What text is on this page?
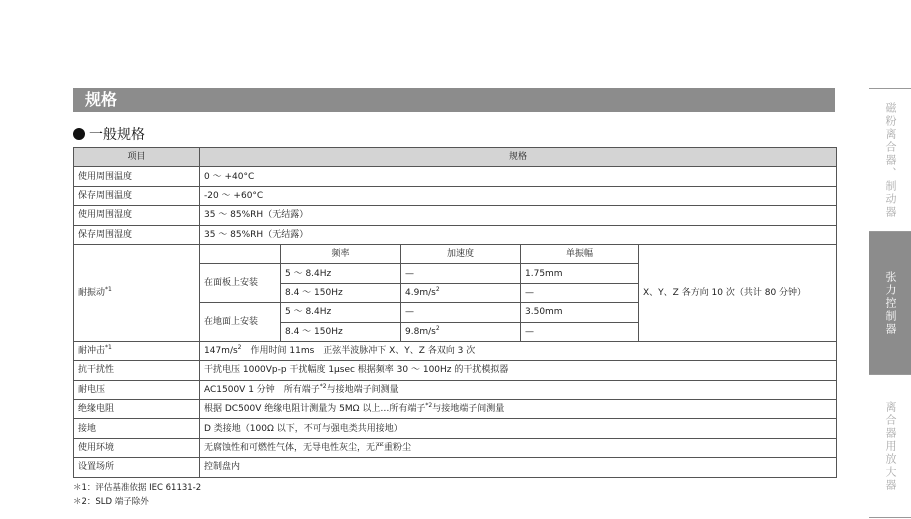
规格
一般规格
项目	规格				
使用周围温度	0 ～ +40°C				
保存周围温度	-20 ～ +60°C				
使用周围湿度	35 ～ 85%RH（无结露）				
保存周围湿度	35 ～ 85%RH（无结露）				
耐振动$^{*1}$		频率	加速度	单振幅	X、Y、Z 各方向 10 次（共计 80 分钟）
	在面板上安装	5 ～ 8.4Hz	—	1.75mm	
		8.4 ～ 150Hz	$4.9m/s^2$	—	
	在地面上安装	5 ～ 8.4Hz	—	3.50mm	
		8.4 ～ 150Hz	$9.8m/s^2$	—	
耐冲击$^{*1}$	$147m/s^2$　作用时间 11ms　正弦半波脉冲下 X、Y、Z 各双向 3 次				
抗干扰性	干扰电压 1000Vp-p 干扰幅度 1μsec 根据频率 30 ～ 100Hz 的干扰模拟器				
耐电压	AC1500V 1 分钟　所有端子$^{*2}$与接地端子间测量				
绝缘电阻	根据 DC500V 绝缘电阻计测量为 5MΩ 以上…所有端子$^{*2}$与接地端子间测量				
接地	D 类接地（100Ω 以下，不可与强电类共用接地）				
使用环境	无腐蚀性和可燃性气体，无导电性灰尘，无严重粉尘				
设置场所	控制盘内				
＊1：评估基准依据 IEC 61131-2
＊2：SLD 端子除外
磁粉离合器、制动器
张力控制器
离合器用放大器
